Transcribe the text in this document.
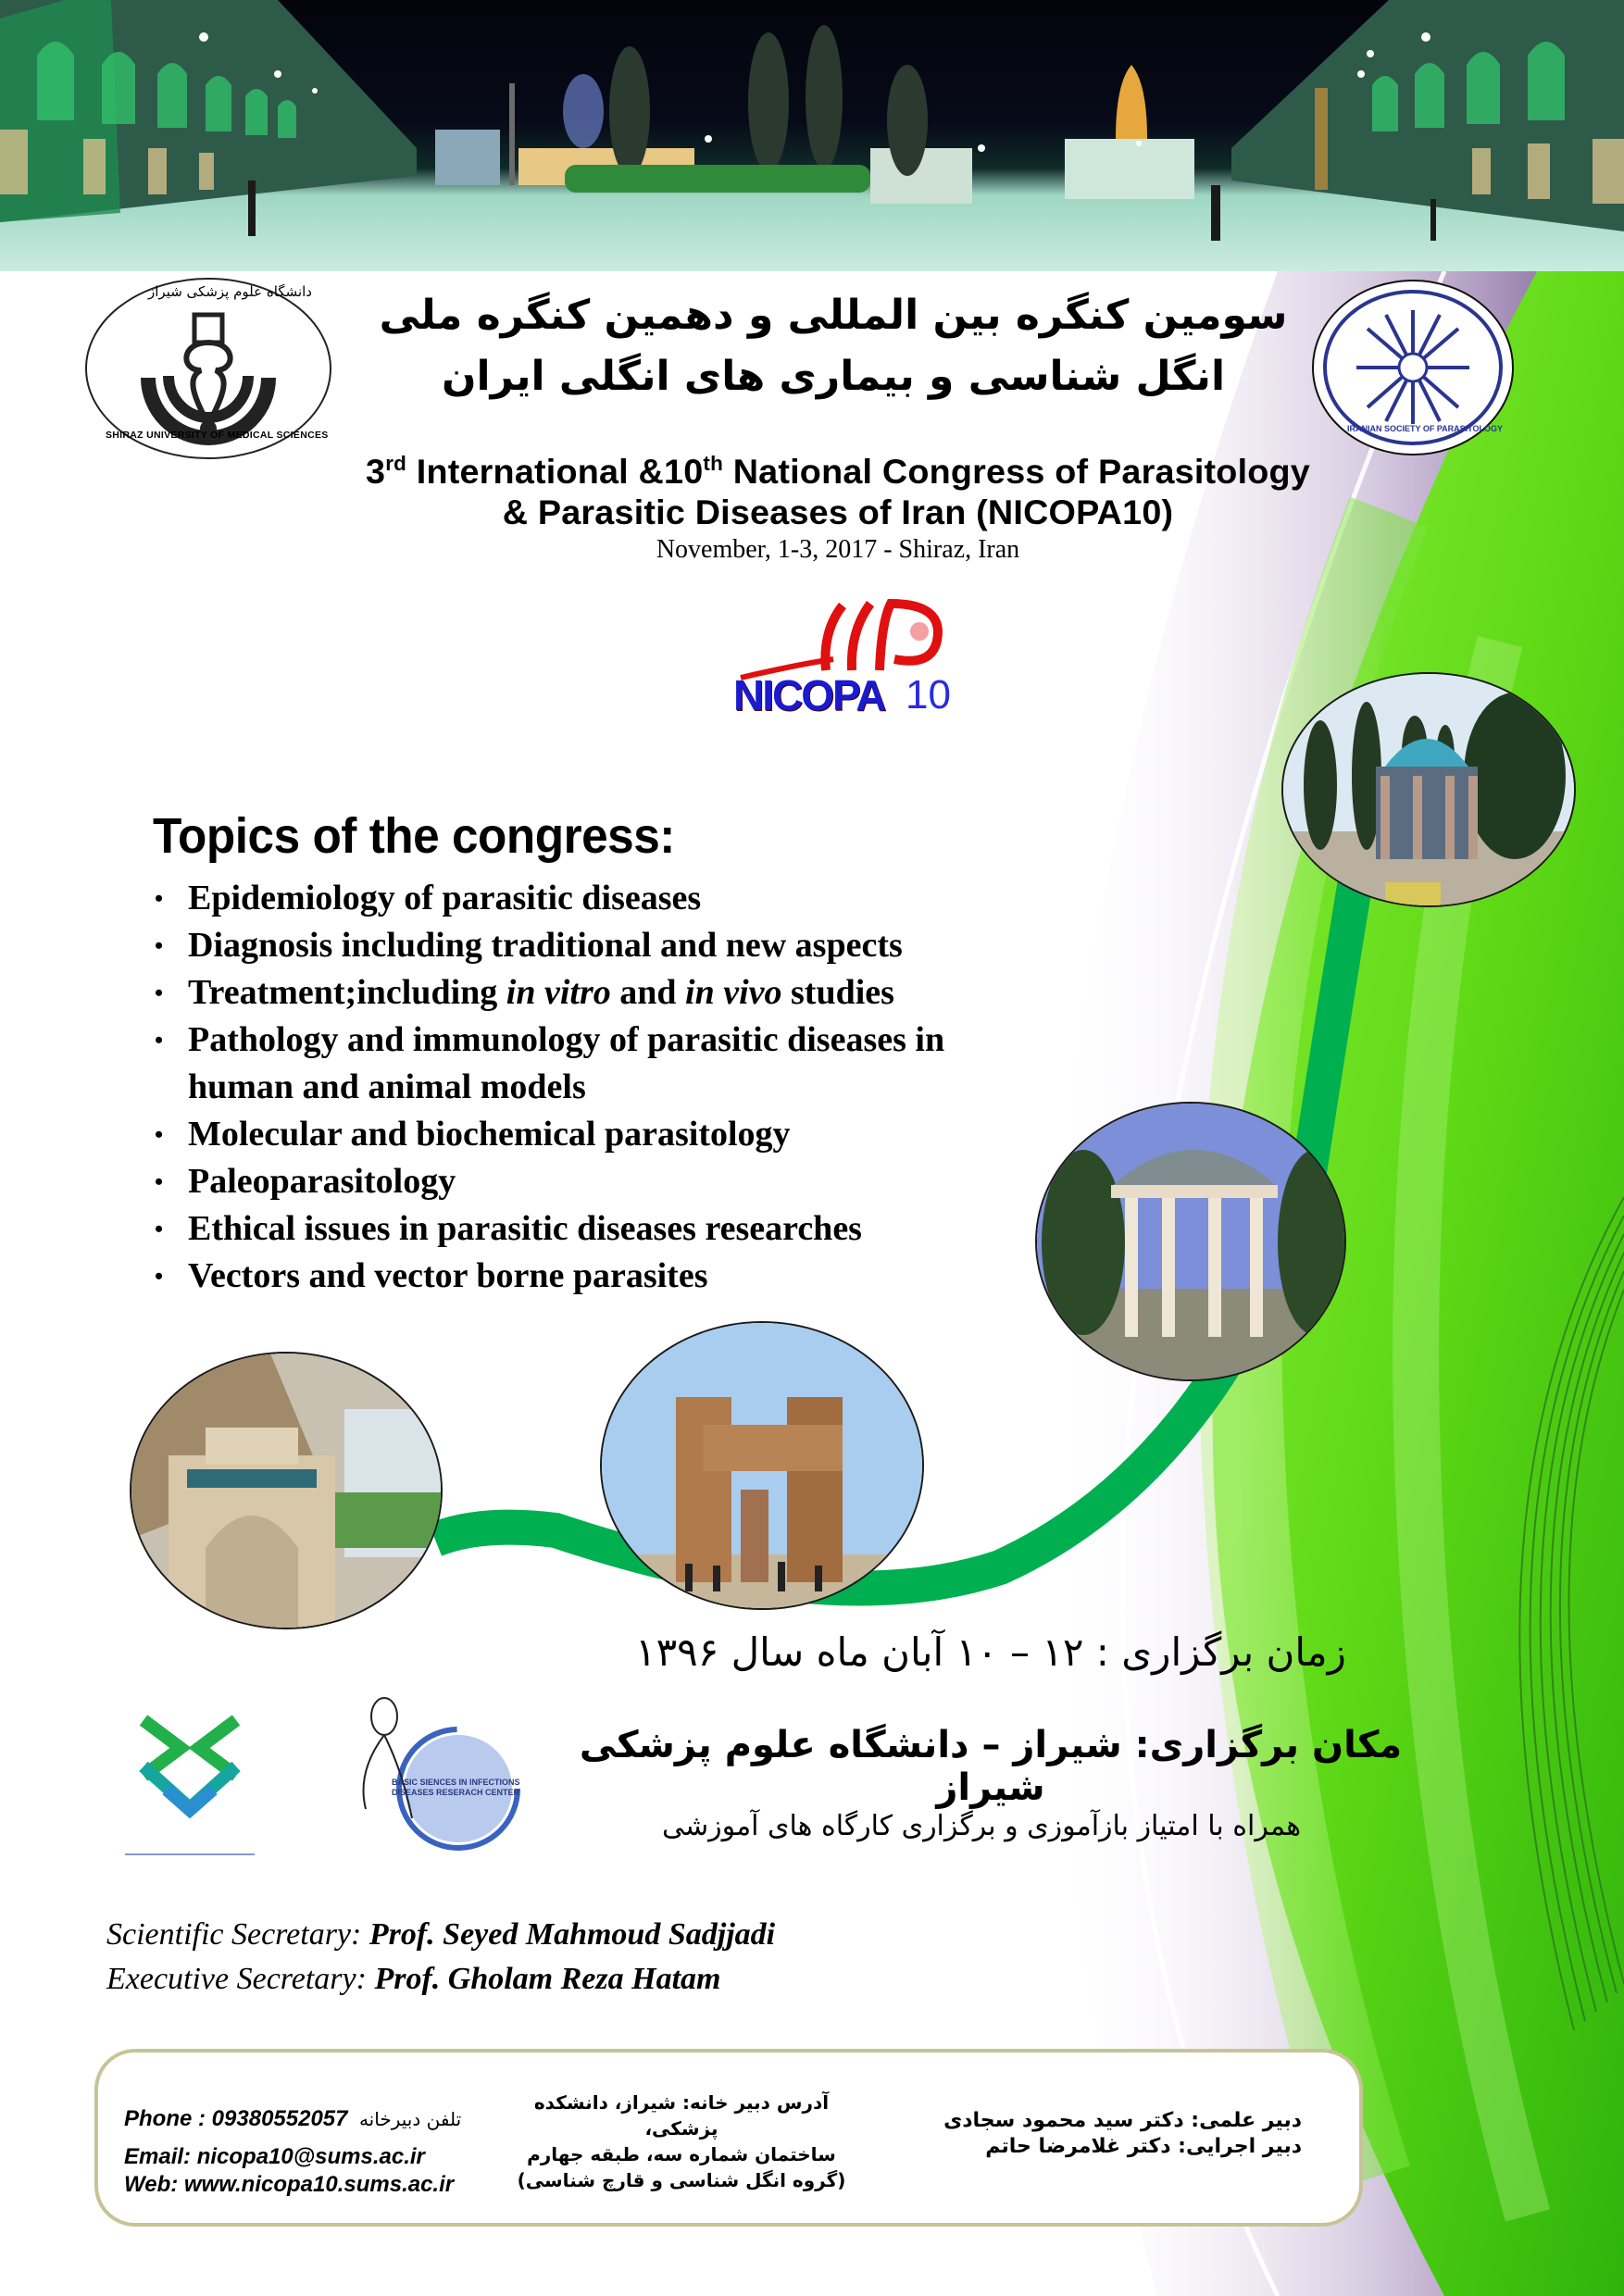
دانشگاه علوم پزشکی شیراز
SHIRAZ UNIVERSITY OF MEDICAL SCIENCES
IRANIAN SOCIETY OF PARASITOLOGY
سومین کنگره بین المللی و دهمین کنگره ملی
انگل شناسی و بیماری های انگلی ایران
3rd International &10th National Congress of Parasitology
& Parasitic Diseases of Iran (NICOPA10)
November, 1-3, 2017 - Shiraz, Iran
NICOPA 10
Topics of the congress:
• Epidemiology of parasitic diseases
• Diagnosis including traditional and new aspects
• Treatment;including in vitro and in vivo studies
• Pathology and immunology of parasitic diseases in
human and animal models
• Molecular and biochemical parasitology
• Paleoparasitology
• Ethical issues in parasitic diseases researches
• Vectors and vector borne parasites
زمان برگزاری : ۱۲ – ۱۰ آبان ماه سال ۱۳۹۶
مکان برگزاری: شیراز – دانشگاه علوم پزشکی شیراز
همراه با امتیاز بازآموزی و برگزاری کارگاه های آموزشی
BASIC SIENCES IN INFECTIONS
DISEASES RESERACH CENTER
Scientific Secretary: Prof. Seyed Mahmoud Sadjjadi
Executive Secretary: Prof. Gholam Reza Hatam
Phone : 09380552057 تلفن دبیرخانه
Email: nicopa10@sums.ac.ir
Web: www.nicopa10.sums.ac.ir
آدرس دبیر خانه: شیراز، دانشکده پزشکی،
ساختمان شماره سه، طبقه جهارم
(گروه انگل شناسی و قارچ شناسی)
دبیر علمی: دکتر سید محمود سجادی
دبیر اجرایی: دکتر غلامرضا حاتم
